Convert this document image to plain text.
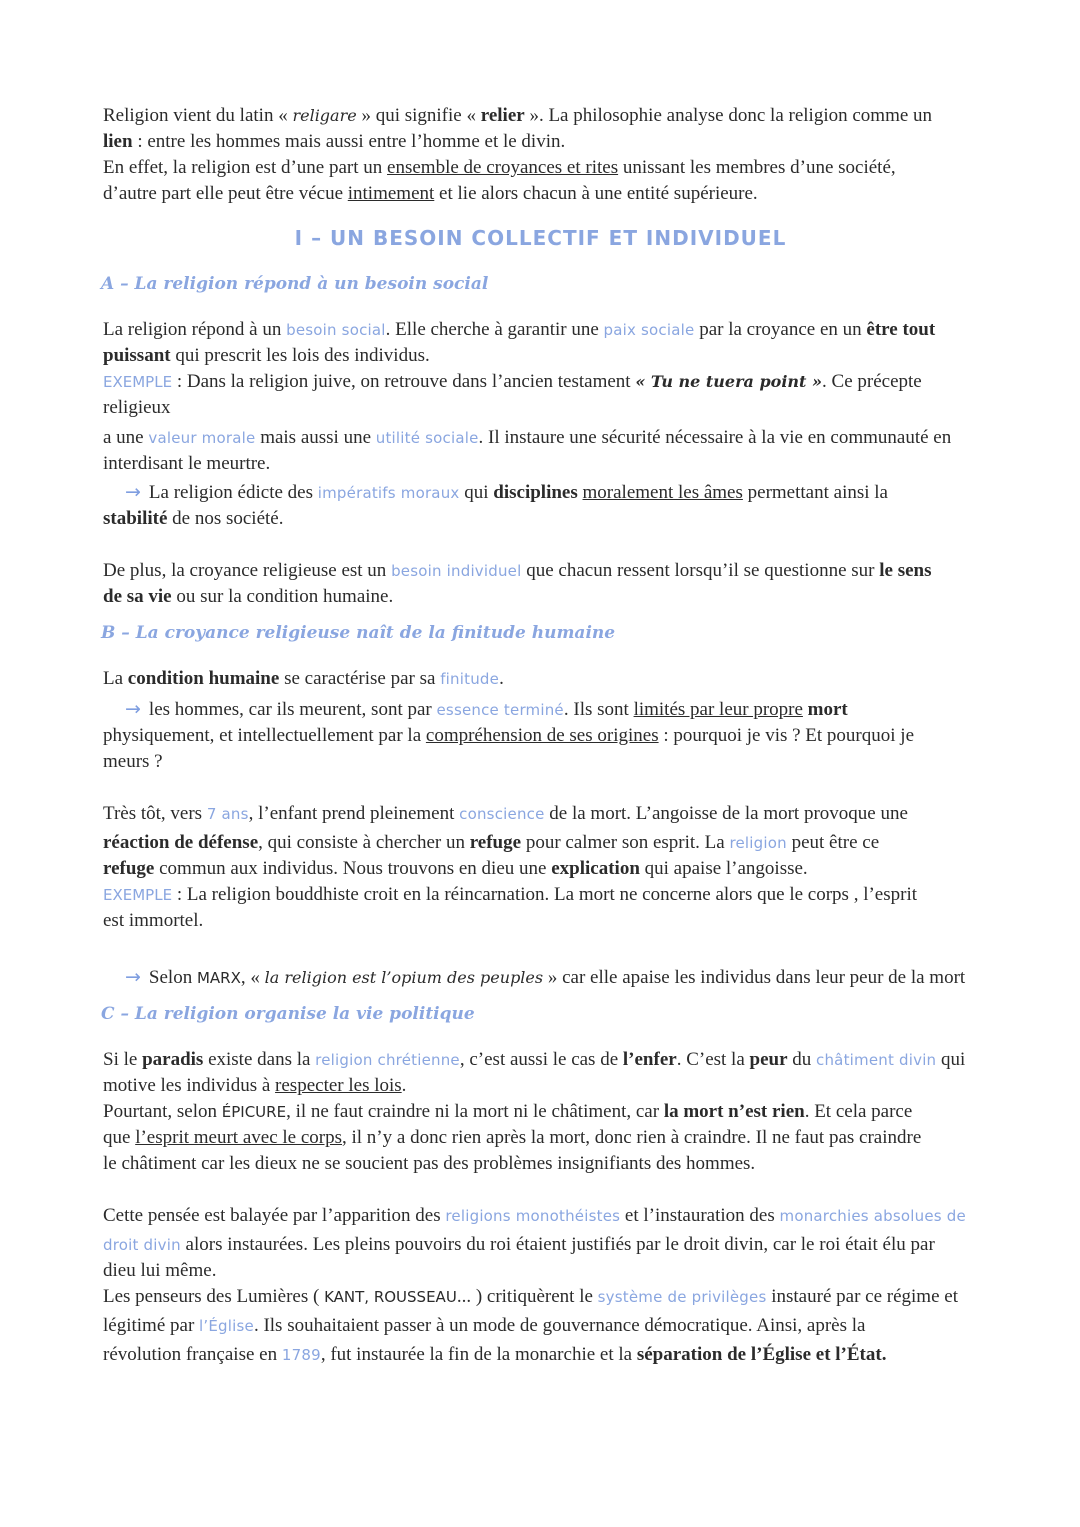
Religion vient du latin « religare » qui signifie « relier ». La philosophie analyse donc la religion comme un

lien : entre les hommes mais aussi entre l’homme et le divin.

En effet, la religion est d’une part un ensemble de croyances et rites unissant les membres d’une société,

d’autre part elle peut être vécue intimement et lie alors chacun à une entité supérieure.

I – UN BESOIN COLLECTIF ET INDIVIDUEL
A – La religion répond à un besoin social

La religion répond à un besoin social. Elle cherche à garantir une paix sociale par la croyance en un être tout

puissant qui prescrit les lois des individus.

EXEMPLE : Dans la religion juive, on retrouve dans l’ancien testament « Tu ne tuera point ». Ce précepte religieux

a une valeur morale mais aussi une utilité sociale. Il instaure une sécurité nécessaire à la vie en communauté en

interdisant le meurtre.

→ La religion édicte des impératifs moraux qui disciplines moralement les âmes permettant ainsi la

stabilité de nos société.

De plus, la croyance religieuse est un besoin individuel que chacun ressent lorsqu’il se questionne sur le sens

de sa vie ou sur la condition humaine.

B – La croyance religieuse naît de la finitude humaine

La condition humaine se caractérise par sa finitude.

→ les hommes, car ils meurent, sont par essence terminé. Ils sont limités par leur propre mort

physiquement, et intellectuellement par la compréhension de ses origines : pourquoi je vis ? Et pourquoi je

meurs ?

Très tôt, vers 7 ans, l’enfant prend pleinement conscience de la mort. L’angoisse de la mort provoque une

réaction de défense, qui consiste à chercher un refuge pour calmer son esprit. La religion peut être ce

refuge commun aux individus. Nous trouvons en dieu une explication qui apaise l’angoisse.

EXEMPLE : La religion bouddhiste croit en la réincarnation. La mort ne concerne alors que le corps , l’esprit

est immortel.

→ Selon MARX, « la religion est l’opium des peuples » car elle apaise les individus dans leur peur de la mort

C – La religion organise la vie politique

Si le paradis existe dans la religion chrétienne, c’est aussi le cas de l’enfer. C’est la peur du châtiment divin qui

motive les individus à respecter les lois.

Pourtant, selon ÉPICURE, il ne faut craindre ni la mort ni le châtiment, car la mort n’est rien. Et cela parce

que l’esprit meurt avec le corps, il n’y a donc rien après la mort, donc rien à craindre. Il ne faut pas craindre

le châtiment car les dieux ne se soucient pas des problèmes insignifiants des hommes.

Cette pensée est balayée par l’apparition des religions monothéistes et l’instauration des monarchies absolues de

droit divin alors instaurées. Les pleins pouvoirs du roi étaient justifiés par le droit divin, car le roi était élu par

dieu lui même.

Les penseurs des Lumières ( KANT, ROUSSEAU... ) critiquèrent le système de privilèges instauré par ce régime et

légitimé par l’Église. Ils souhaitaient passer à un mode de gouvernance démocratique. Ainsi, après la

révolution française en 1789, fut instaurée la fin de la monarchie et la séparation de l’Église et l’État.
